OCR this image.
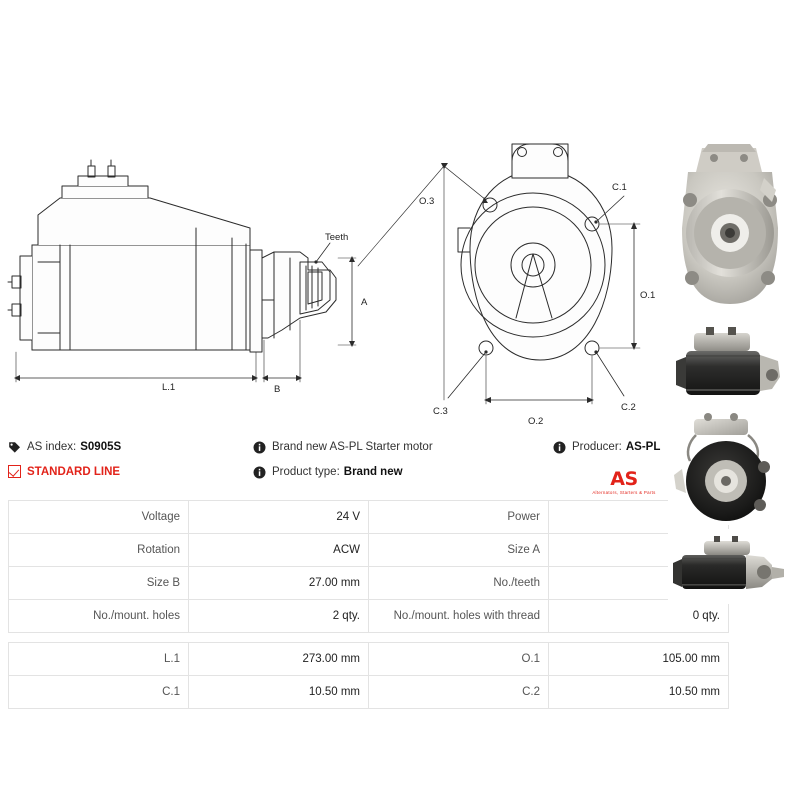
Teeth
A
L.1	B
O.3
C.1
C.3	C.2
O.1
O.2
AS index: S0905S	Brand new AS-PL Starter motor	Producer: AS-PL
STANDARD LINE	Product type: Brand new	AS
Alternators, Starters & Parts
Voltage	24 V	Power	
Rotation	ACW	Size A	
Size B	27.00 mm	No./teeth	
No./mount. holes	2 qty.	No./mount. holes with thread	0 qty.

L.1	273.00 mm	O.1	105.00 mm
C.1	10.50 mm	C.2	10.50 mm
